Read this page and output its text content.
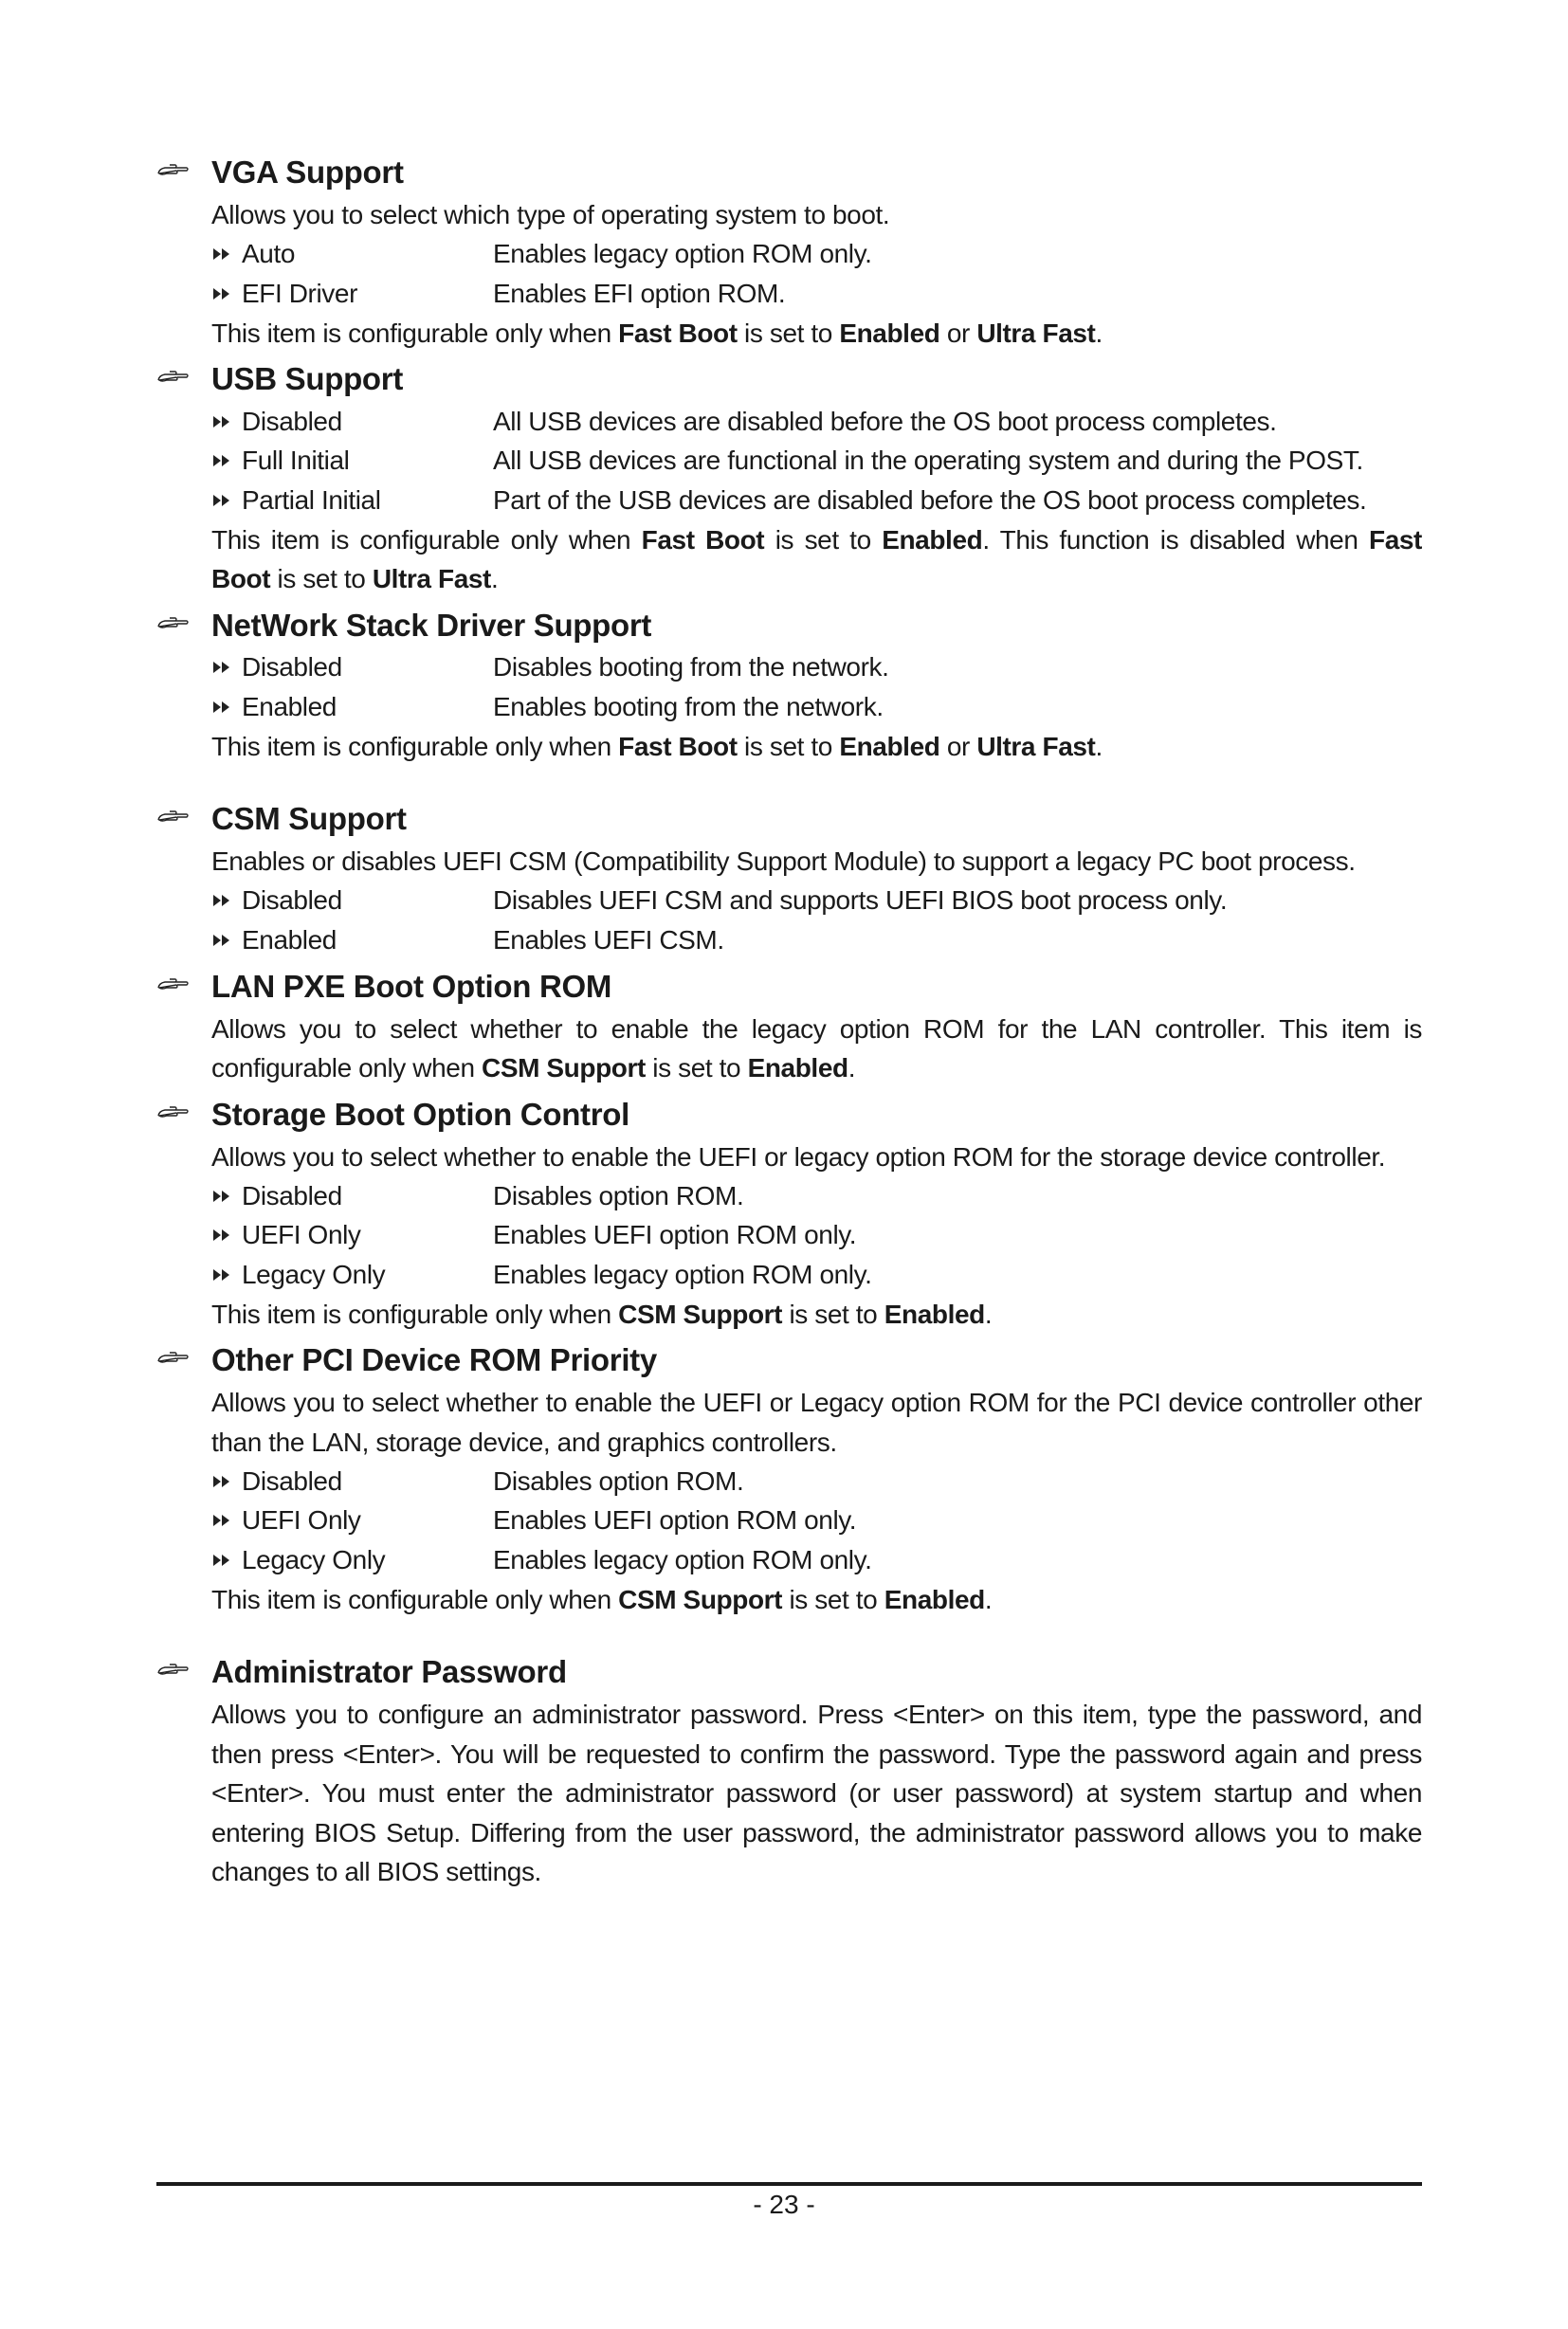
VGA Support

Allows you to select which type of operating system to boot.

Auto	Enables legacy option ROM only.
EFI Driver	Enables EFI option ROM.

This item is configurable only when Fast Boot is set to Enabled or Ultra Fast.

USB Support
Disabled	All USB devices are disabled before the OS boot process completes.
Full Initial	All USB devices are functional in the operating system and during the POST.
Partial Initial	Part of the USB devices are disabled before the OS boot process completes.

This item is configurable only when Fast Boot is set to Enabled. This function is disabled when Fast Boot is set to Ultra Fast.

NetWork Stack Driver Support
Disabled	Disables booting from the network.
Enabled	Enables booting from the network.

This item is configurable only when Fast Boot is set to Enabled or Ultra Fast.

CSM Support

Enables or disables UEFI CSM (Compatibility Support Module) to support a legacy PC boot process.

Disabled	Disables UEFI CSM and supports UEFI BIOS boot process only.
Enabled	Enables UEFI CSM.
LAN PXE Boot Option ROM

Allows you to select whether to enable the legacy option ROM for the LAN controller. This item is configurable only when CSM Support is set to Enabled.

Storage Boot Option Control

Allows you to select whether to enable the UEFI or legacy option ROM for the storage device controller.

Disabled	Disables option ROM.
UEFI Only	Enables UEFI option ROM only.
Legacy Only	Enables legacy option ROM only.

This item is configurable only when CSM Support is set to Enabled.

Other PCI Device ROM Priority

Allows you to select whether to enable the UEFI or Legacy option ROM for the PCI device controller other than the LAN, storage device, and graphics controllers.

Disabled	Disables option ROM.
UEFI Only	Enables UEFI option ROM only.
Legacy Only	Enables legacy option ROM only.

This item is configurable only when CSM Support is set to Enabled.

Administrator Password

Allows you to configure an administrator password. Press <Enter> on this item, type the password, and then press <Enter>. You will be requested to confirm the password. Type the password again and press <Enter>. You must enter the administrator password (or user password) at system startup and when entering BIOS Setup. Differing from the user password, the administrator password allows you to make changes to all BIOS settings.

- 23 -
